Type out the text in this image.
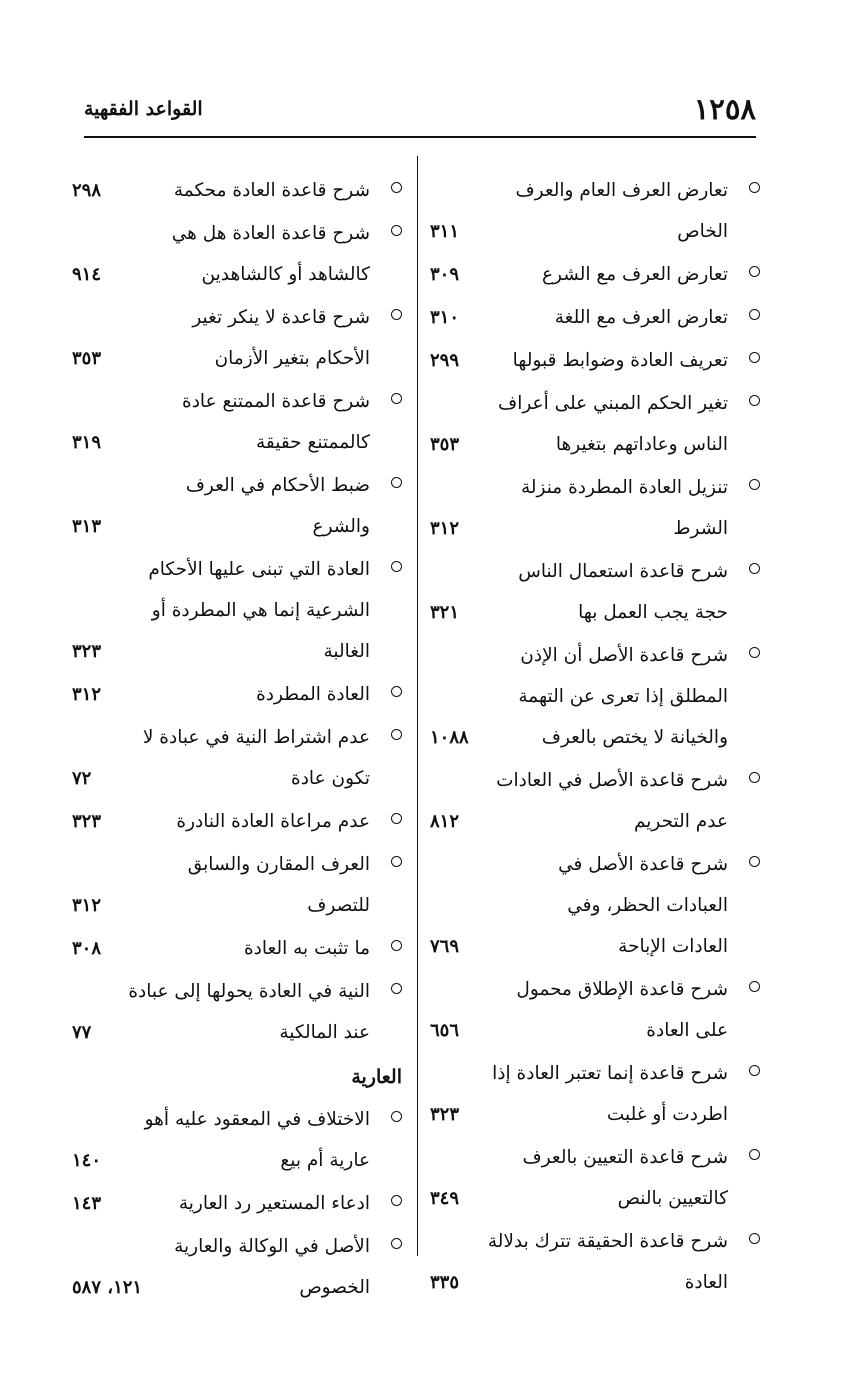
١٢٥٨
القواعد الفقهية
تعارض العرف العام والعرف
الخاص
٣١١
تعارض العرف مع الشرع
٣٠٩
تعارض العرف مع اللغة
٣١٠
تعريف العادة وضوابط قبولها
٢٩٩
تغير الحكم المبني على أعراف
الناس وعاداتهم بتغيرها
٣٥٣
تنزيل العادة المطردة منزلة
الشرط
٣١٢
شرح قاعدة استعمال الناس
حجة يجب العمل بها
٣٢١
شرح قاعدة الأصل أن الإذن
المطلق إذا تعرى عن التهمة
والخيانة لا يختص بالعرف
١٠٨٨
شرح قاعدة الأصل في العادات
عدم التحريم
٨١٢
شرح قاعدة الأصل في
العبادات الحظر، وفي
العادات الإباحة
٧٦٩
شرح قاعدة الإطلاق محمول
على العادة
٦٥٦
شرح قاعدة إنما تعتبر العادة إذا
اطردت أو غلبت
٣٢٣
شرح قاعدة التعيين بالعرف
كالتعيين بالنص
٣٤٩
شرح قاعدة الحقيقة تترك بدلالة
العادة
٣٣٥
شرح قاعدة العادة محكمة
٢٩٨
شرح قاعدة العادة هل هي
كالشاهد أو كالشاهدين
٩١٤
شرح قاعدة لا ينكر تغير
الأحكام بتغير الأزمان
٣٥٣
شرح قاعدة الممتنع عادة
كالممتنع حقيقة
٣١٩
ضبط الأحكام في العرف
والشرع
٣١٣
العادة التي تبنى عليها الأحكام
الشرعية إنما هي المطردة أو
الغالبة
٣٢٣
العادة المطردة
٣١٢
عدم اشتراط النية في عبادة لا
تكون عادة
٧٢
عدم مراعاة العادة النادرة
٣٢٣
العرف المقارن والسابق
للتصرف
٣١٢
ما تثبت به العادة
٣٠٨
النية في العادة يحولها إلى عبادة
عند المالكية
٧٧
العارية
الاختلاف في المعقود عليه أهو
عارية أم بيع
١٤٠
ادعاء المستعير رد العارية
١٤٣
الأصل في الوكالة والعارية
الخصوص
١٢١، ٥٨٧
